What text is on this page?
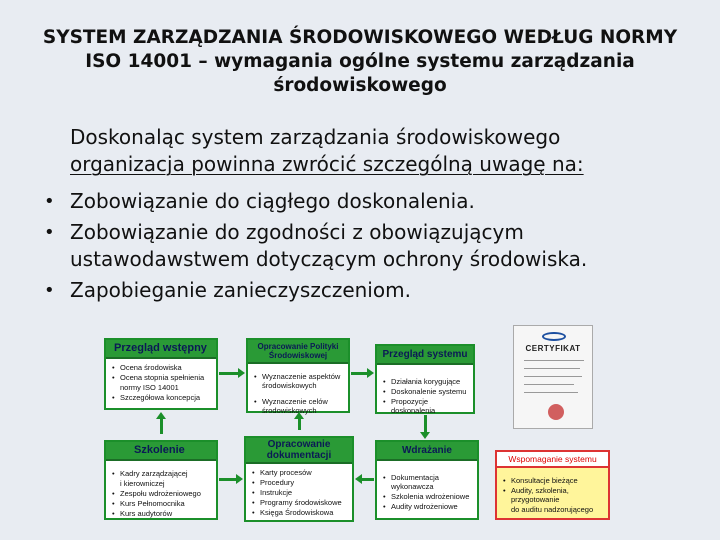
SYSTEM ZARZĄDZANIA ŚRODOWISKOWEGO WEDŁUG NORMY
ISO 14001 – wymagania ogólne systemu zarządzania
środowiskowego
Doskonaląc system zarządzania środowiskowego
organizacja powinna zwrócić szczególną uwagę na:
• Zobowiązanie do ciągłego doskonalenia.
• Zobowiązanie do zgodności z obowiązującym ustawodawstwem dotyczącym ochrony środowiska.
• Zapobieganie zanieczyszczeniom.
Przegląd wstępny
• Ocena środowiska
• Ocena stopnia spełnienia
normy ISO 14001
• Szczegółowa koncepcja
Opracowanie Polityki Środowiskowej
• Wyznaczenie aspektów środowiskowych
• Wyznaczenie celów środowiskowych
Przegląd systemu
• Działania korygujące
• Doskonalenie systemu
• Propozycje doskonalenia
Szkolenie
• Kadry zarządzającej
i kierowniczej
• Zespołu wdrożeniowego
• Kurs Pełnomocnika
• Kurs audytorów
Opracowanie dokumentacji
• Karty procesów
• Procedury
• Instrukcje
• Programy środowiskowe
• Księga Środowiskowa
Wdrażanie
• Dokumentacja wykonawcza
• Szkolenia wdrożeniowe
• Audity wdrożeniowe
Wspomaganie systemu
• Konsultacje bieżące
• Audity, szkolenia, przygotowanie
do auditu nadzorującego
CERTYFIKAT
